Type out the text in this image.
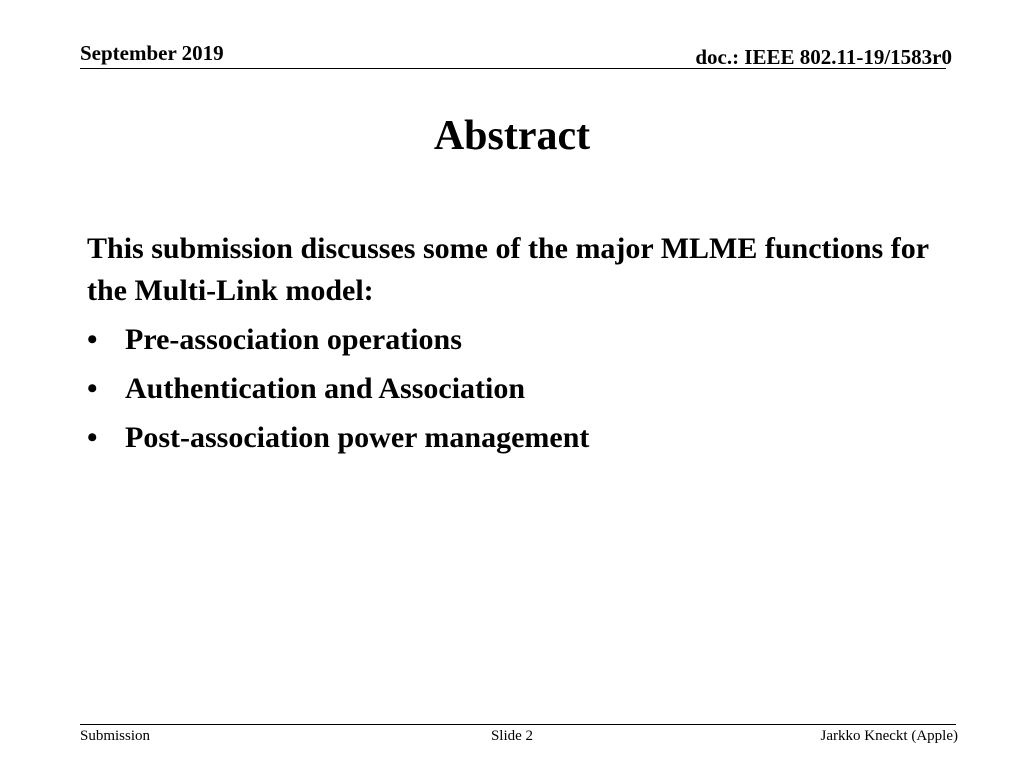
September 2019	doc.: IEEE 802.11-19/1583r0
Abstract

This submission discusses some of the major MLME functions for the Multi-Link model:

• Pre-association operations
• Authentication and Association
• Post-association power management
Submission	Slide 2	Jarkko Kneckt (Apple)
